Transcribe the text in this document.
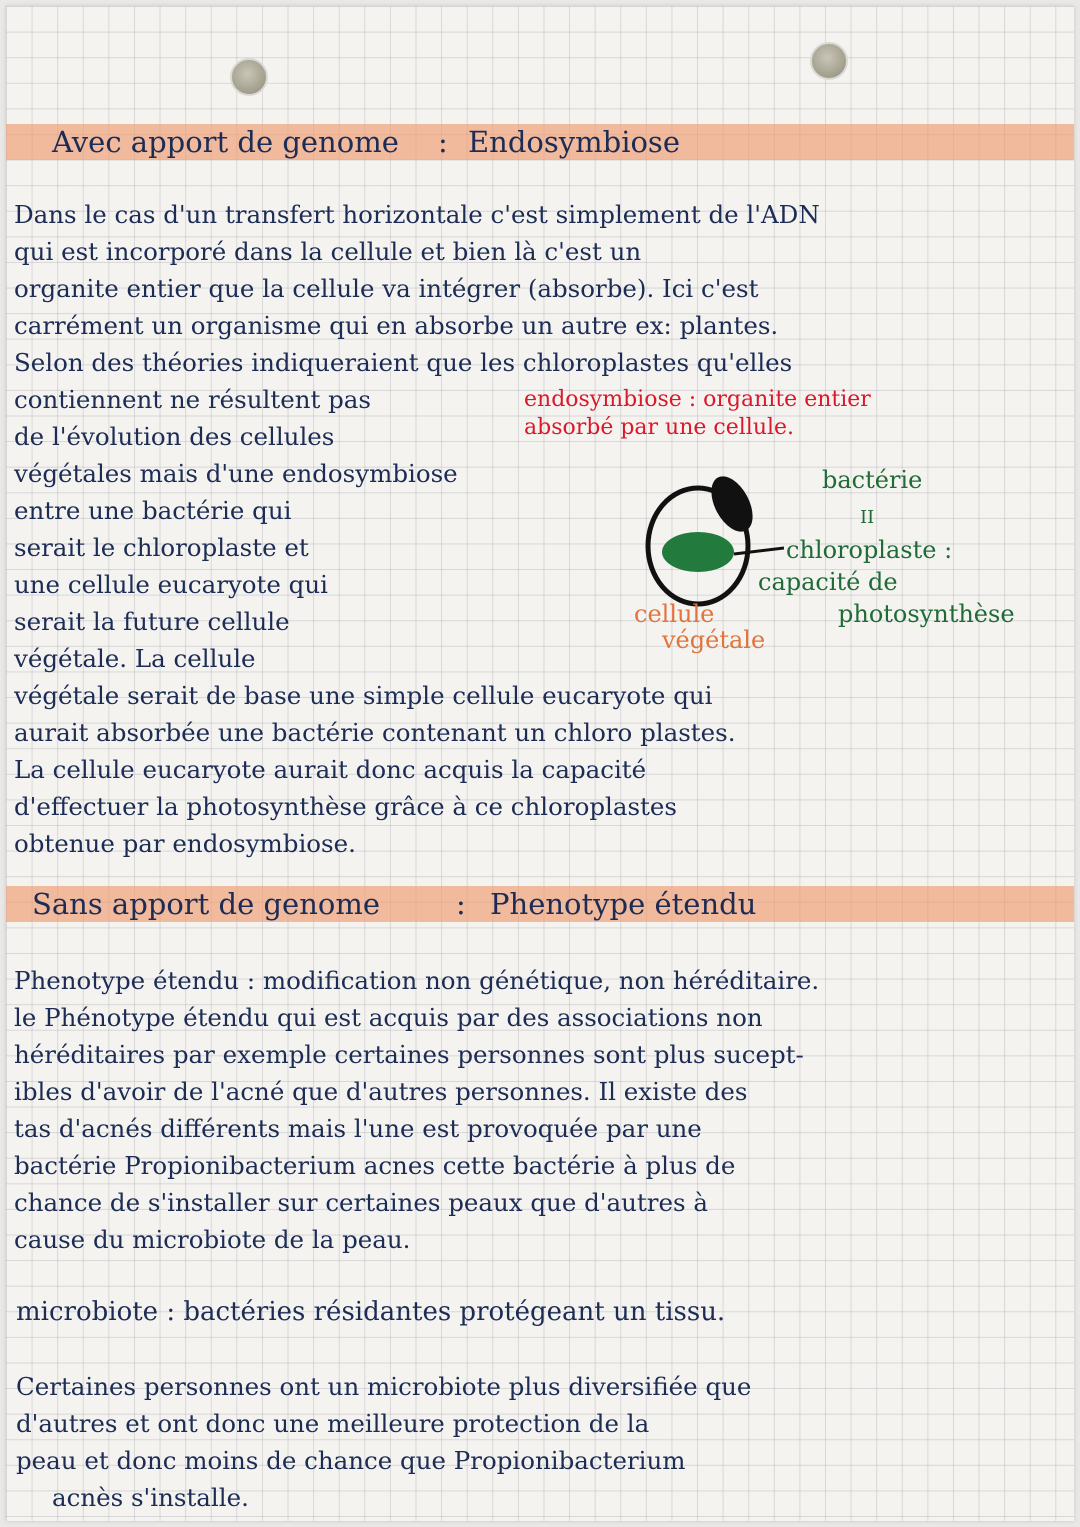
Avec apport de genome : Endosymbiose
Dans le cas d'un transfert horizontale c'est simplement de l'ADN
qui est incorporé dans la cellule et bien là c'est un
organite entier que la cellule va intégrer (absorbe). Ici c'est
carrément un organisme qui en absorbe un autre ex: plantes.
Selon des théories indiqueraient que les chloroplastes qu'elles
contiennent ne résultent pas
de l'évolution des cellules
végétales mais d'une endosymbiose
entre une bactérie qui
serait le chloroplaste et
une cellule eucaryote qui
serait la future cellule
végétale. La cellule
végétale serait de base une simple cellule eucaryote qui
aurait absorbée une bactérie contenant un chloro plastes.
La cellule eucaryote aurait donc acquis la capacité
d'effectuer la photosynthèse grâce à ce chloroplastes
obtenue par endosymbiose.
endosymbiose : organite entier
absorbé par une cellule.
bactérie
II
chloroplaste :
capacité de
photosynthèse
cellule
végétale
Sans apport de genome	: Phenotype étendu
Phenotype étendu : modification non génétique, non héréditaire.
le Phénotype étendu qui est acquis par des associations non
héréditaires par exemple certaines personnes sont plus sucept-
ibles d'avoir de l'acné que d'autres personnes. Il existe des
tas d'acnés différents mais l'une est provoquée par une
bactérie Propionibacterium acnes cette bactérie à plus de
chance de s'installer sur certaines peaux que d'autres à
cause du microbiote de la peau.
microbiote : bactéries résidantes protégeant un tissu.
Certaines personnes ont un microbiote plus diversifiée que
d'autres et ont donc une meilleure protection de la
peau et donc moins de chance que Propionibacterium
acnès s'installe.
